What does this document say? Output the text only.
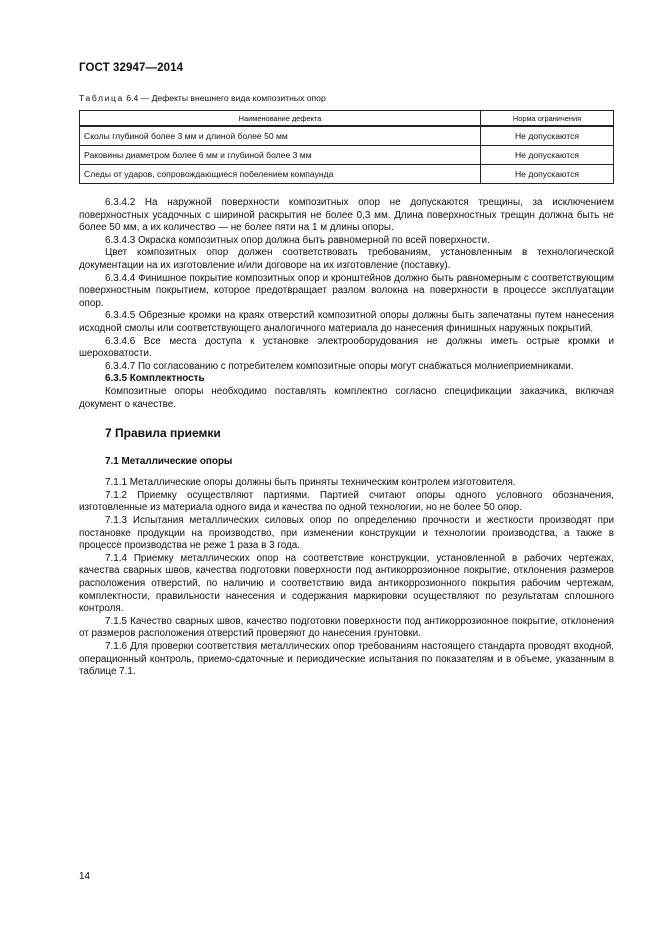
ГОСТ 32947—2014
Таблица 6.4 — Дефекты внешнего вида композитных опор
Наименование дефекта	Норма ограничения
Сколы глубиной более 3 мм и длиной более 50 мм	Не допускаются
Раковины диаметром более 6 мм и глубиной более 3 мм	Не допускаются
Следы от ударов, сопровождающиеся побелением компаунда	Не допускаются

6.3.4.2 На наружной поверхности композитных опор не допускаются трещины, за исключением поверхностных усадочных с шириной раскрытия не более 0,3 мм. Длина поверхностных трещин должна быть не более 50 мм, а их количество — не более пяти на 1 м длины опоры.

6.3.4.3 Окраска композитных опор должна быть равномерной по всей поверхности.

Цвет композитных опор должен соответствовать требованиям, установленным в технологической документации на их изготовление и/или договоре на их изготовление (поставку).

6.3.4.4 Финишное покрытие композитных опор и кронштейнов должно быть равномерным с соответствующим поверхностным покрытием, которое предотвращает разлом волокна на поверхности в процессе эксплуатации опор.

6.3.4.5 Обрезные кромки на краях отверстий композитной опоры должны быть запечатаны путем нанесения исходной смолы или соответствующего аналогичного материала до нанесения финишных наружных покрытий.

6.3.4.6 Все места доступа к установке электрооборудования не должны иметь острые кромки и шероховатости.

6.3.4.7 По согласованию с потребителем композитные опоры могут снабжаться молниеприемниками.

6.3.5 Комплектность

Композитные опоры необходимо поставлять комплектно согласно спецификации заказчика, включая документ о качестве.

7 Правила приемки
7.1 Металлические опоры

7.1.1 Металлические опоры должны быть приняты техническим контролем изготовителя.

7.1.2 Приемку осуществляют партиями. Партией считают опоры одного условного обозначения, изготовленные из материала одного вида и качества по одной технологии, но не более 50 опор.

7.1.3 Испытания металлических силовых опор по определению прочности и жесткости производят при постановке продукции на производство, при изменении конструкции и технологии производства, а также в процессе производства не реже 1 раза в 3 года.

7.1.4 Приемку металлических опор на соответствие конструкции, установленной в рабочих чертежах, качества сварных швов, качества подготовки поверхности под антикоррозионное покрытие, отклонения размеров расположения отверстий, по наличию и соответствию вида антикоррозионного покрытия рабочим чертежам, комплектности, правильности нанесения и содержания маркировки осуществляют по результатам сплошного контроля.

7.1.5 Качество сварных швов, качество подготовки поверхности под антикоррозионное покрытие, отклонения от размеров расположения отверстий проверяют до нанесения грунтовки.

7.1.6 Для проверки соответствия металлических опор требованиям настоящего стандарта проводят входной, операционный контроль, приемо-сдаточные и периодические испытания по показателям и в объеме, указанным в таблице 7.1.

14
